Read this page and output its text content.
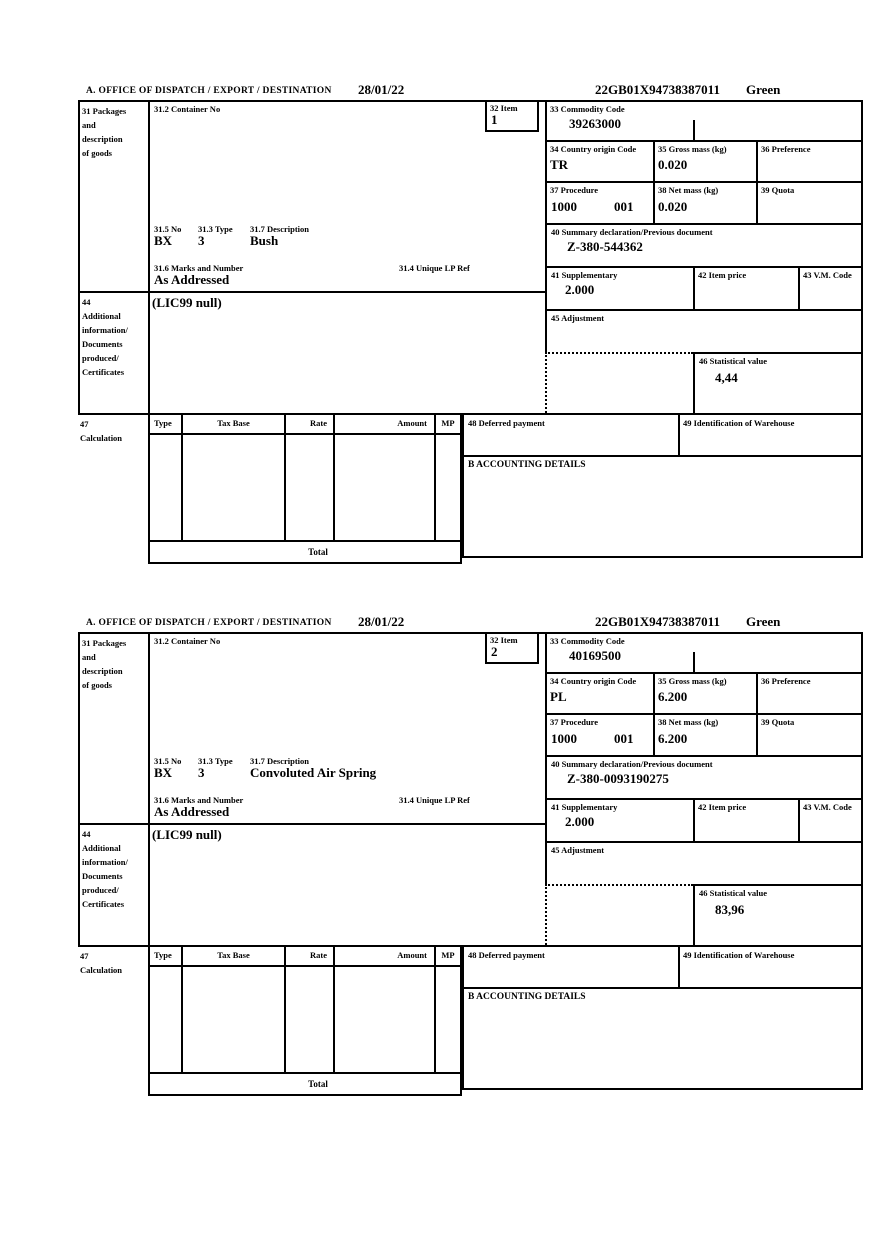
A. OFFICE OF DISPATCH / EXPORT / DESTINATION 28/01/22	22GB01X94738387011 Green
31 Packages
and
description
of goods
44
Additional
information/
Documents
produced/
Certificates
47
Calculation
31.2 Container No	32 Item
1
31.5 No 31.3 Type 31.7 Description
BX 3	Bush
31.6 Marks and Number	31.4 Unique LP Ref
As Addressed
(LIC99 null)
33 Commodity Code
39263000
34 Country origin Code
TR
35 Gross mass (kg)
0.020
36 Preference
37 Procedure
1000	001
38 Net mass (kg)
0.020
39 Quota
40 Summary declaration/Previous document
Z-380-544362
41 Supplementary
2.000
42 Item price	43 V.M. Code
45 Adjustment
46 Statistical value
4,44
Type	Tax Base	Rate	Amount	MP
Total
48 Deferred payment	49 Identification of Warehouse
B ACCOUNTING DETAILS
A. OFFICE OF DISPATCH / EXPORT / DESTINATION 28/01/22	22GB01X94738387011 Green
31 Packages
and
description
of goods
44
Additional
information/
Documents
produced/
Certificates
47
Calculation
31.2 Container No	32 Item
2
31.5 No 31.3 Type 31.7 Description
BX 3	Convoluted Air Spring
31.6 Marks and Number	31.4 Unique LP Ref
As Addressed
(LIC99 null)
33 Commodity Code
40169500
34 Country origin Code
PL
35 Gross mass (kg)
6.200
36 Preference
37 Procedure
1000	001
38 Net mass (kg)
6.200
39 Quota
40 Summary declaration/Previous document
Z-380-0093190275
41 Supplementary
2.000
42 Item price	43 V.M. Code
45 Adjustment
46 Statistical value
83,96
Type	Tax Base	Rate	Amount	MP
Total
48 Deferred payment	49 Identification of Warehouse
B ACCOUNTING DETAILS
